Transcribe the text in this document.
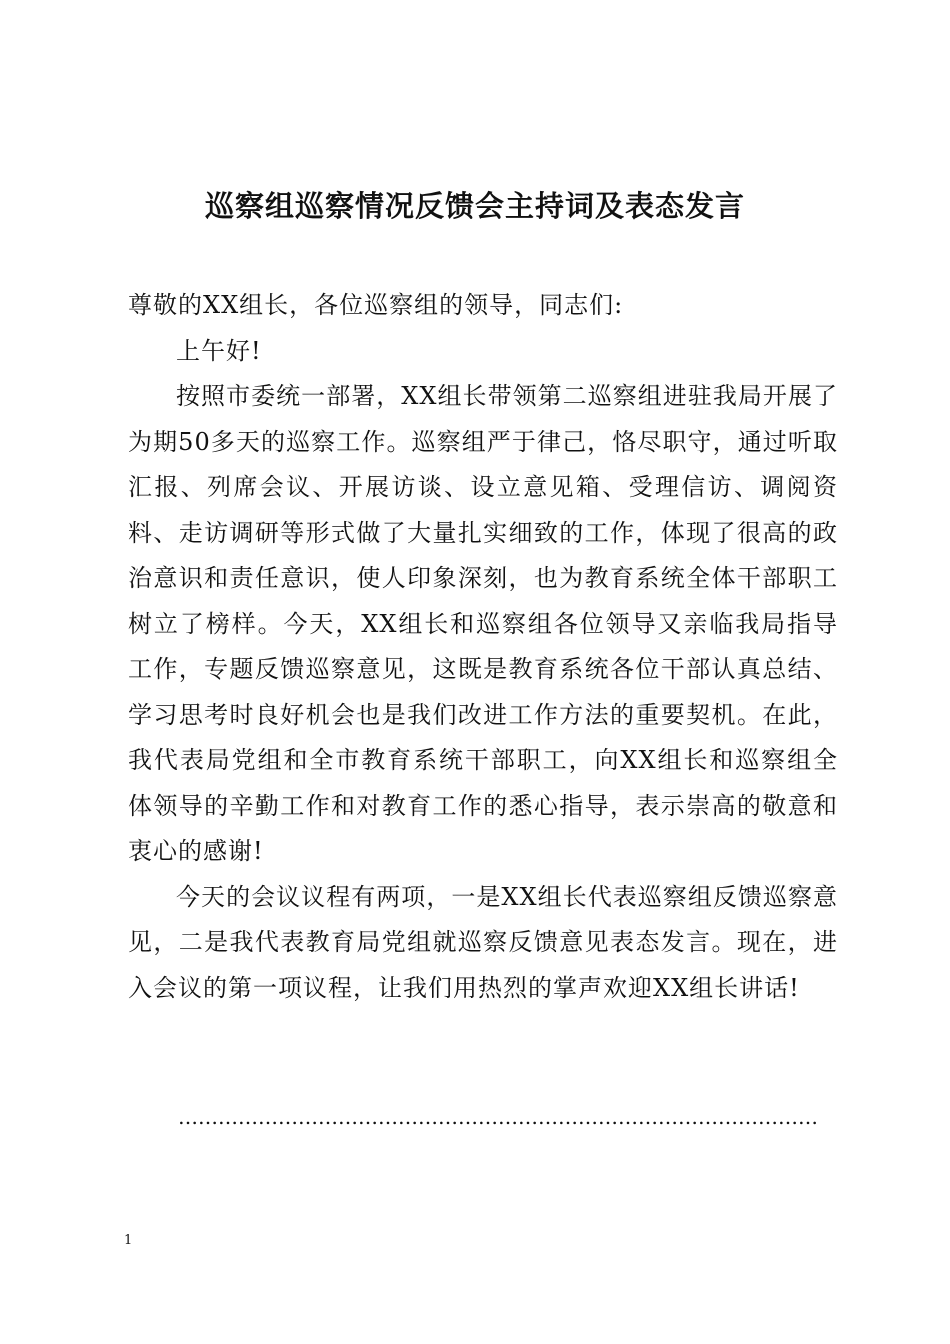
巡察组巡察情况反馈会主持词及表态发言

尊敬的XX组长，各位巡察组的领导，同志们:

上午好!

按照市委统一部署，XX组长带领第二巡察组进驻我局开展了为期50多天的巡察工作。巡察组严于律己，恪尽职守，通过听取汇报、列席会议、开展访谈、设立意见箱、受理信访、调阅资料、走访调研等形式做了大量扎实细致的工作，体现了很高的政治意识和责任意识，使人印象深刻，也为教育系统全体干部职工树立了榜样。今天，XX组长和巡察组各位领导又亲临我局指导工作，专题反馈巡察意见，这既是教育系统各位干部认真总结、学习思考时良好机会也是我们改进工作方法的重要契机。在此，我代表局党组和全市教育系统干部职工，向XX组长和巡察组全体领导的辛勤工作和对教育工作的悉心指导，表示崇高的敬意和衷心的感谢!

今天的会议议程有两项，一是XX组长代表巡察组反馈巡察意见，二是我代表教育局党组就巡察反馈意见表态发言。现在，进入会议的第一项议程，让我们用热烈的掌声欢迎XX组长讲话!

……………………………………………………………………………………
1
